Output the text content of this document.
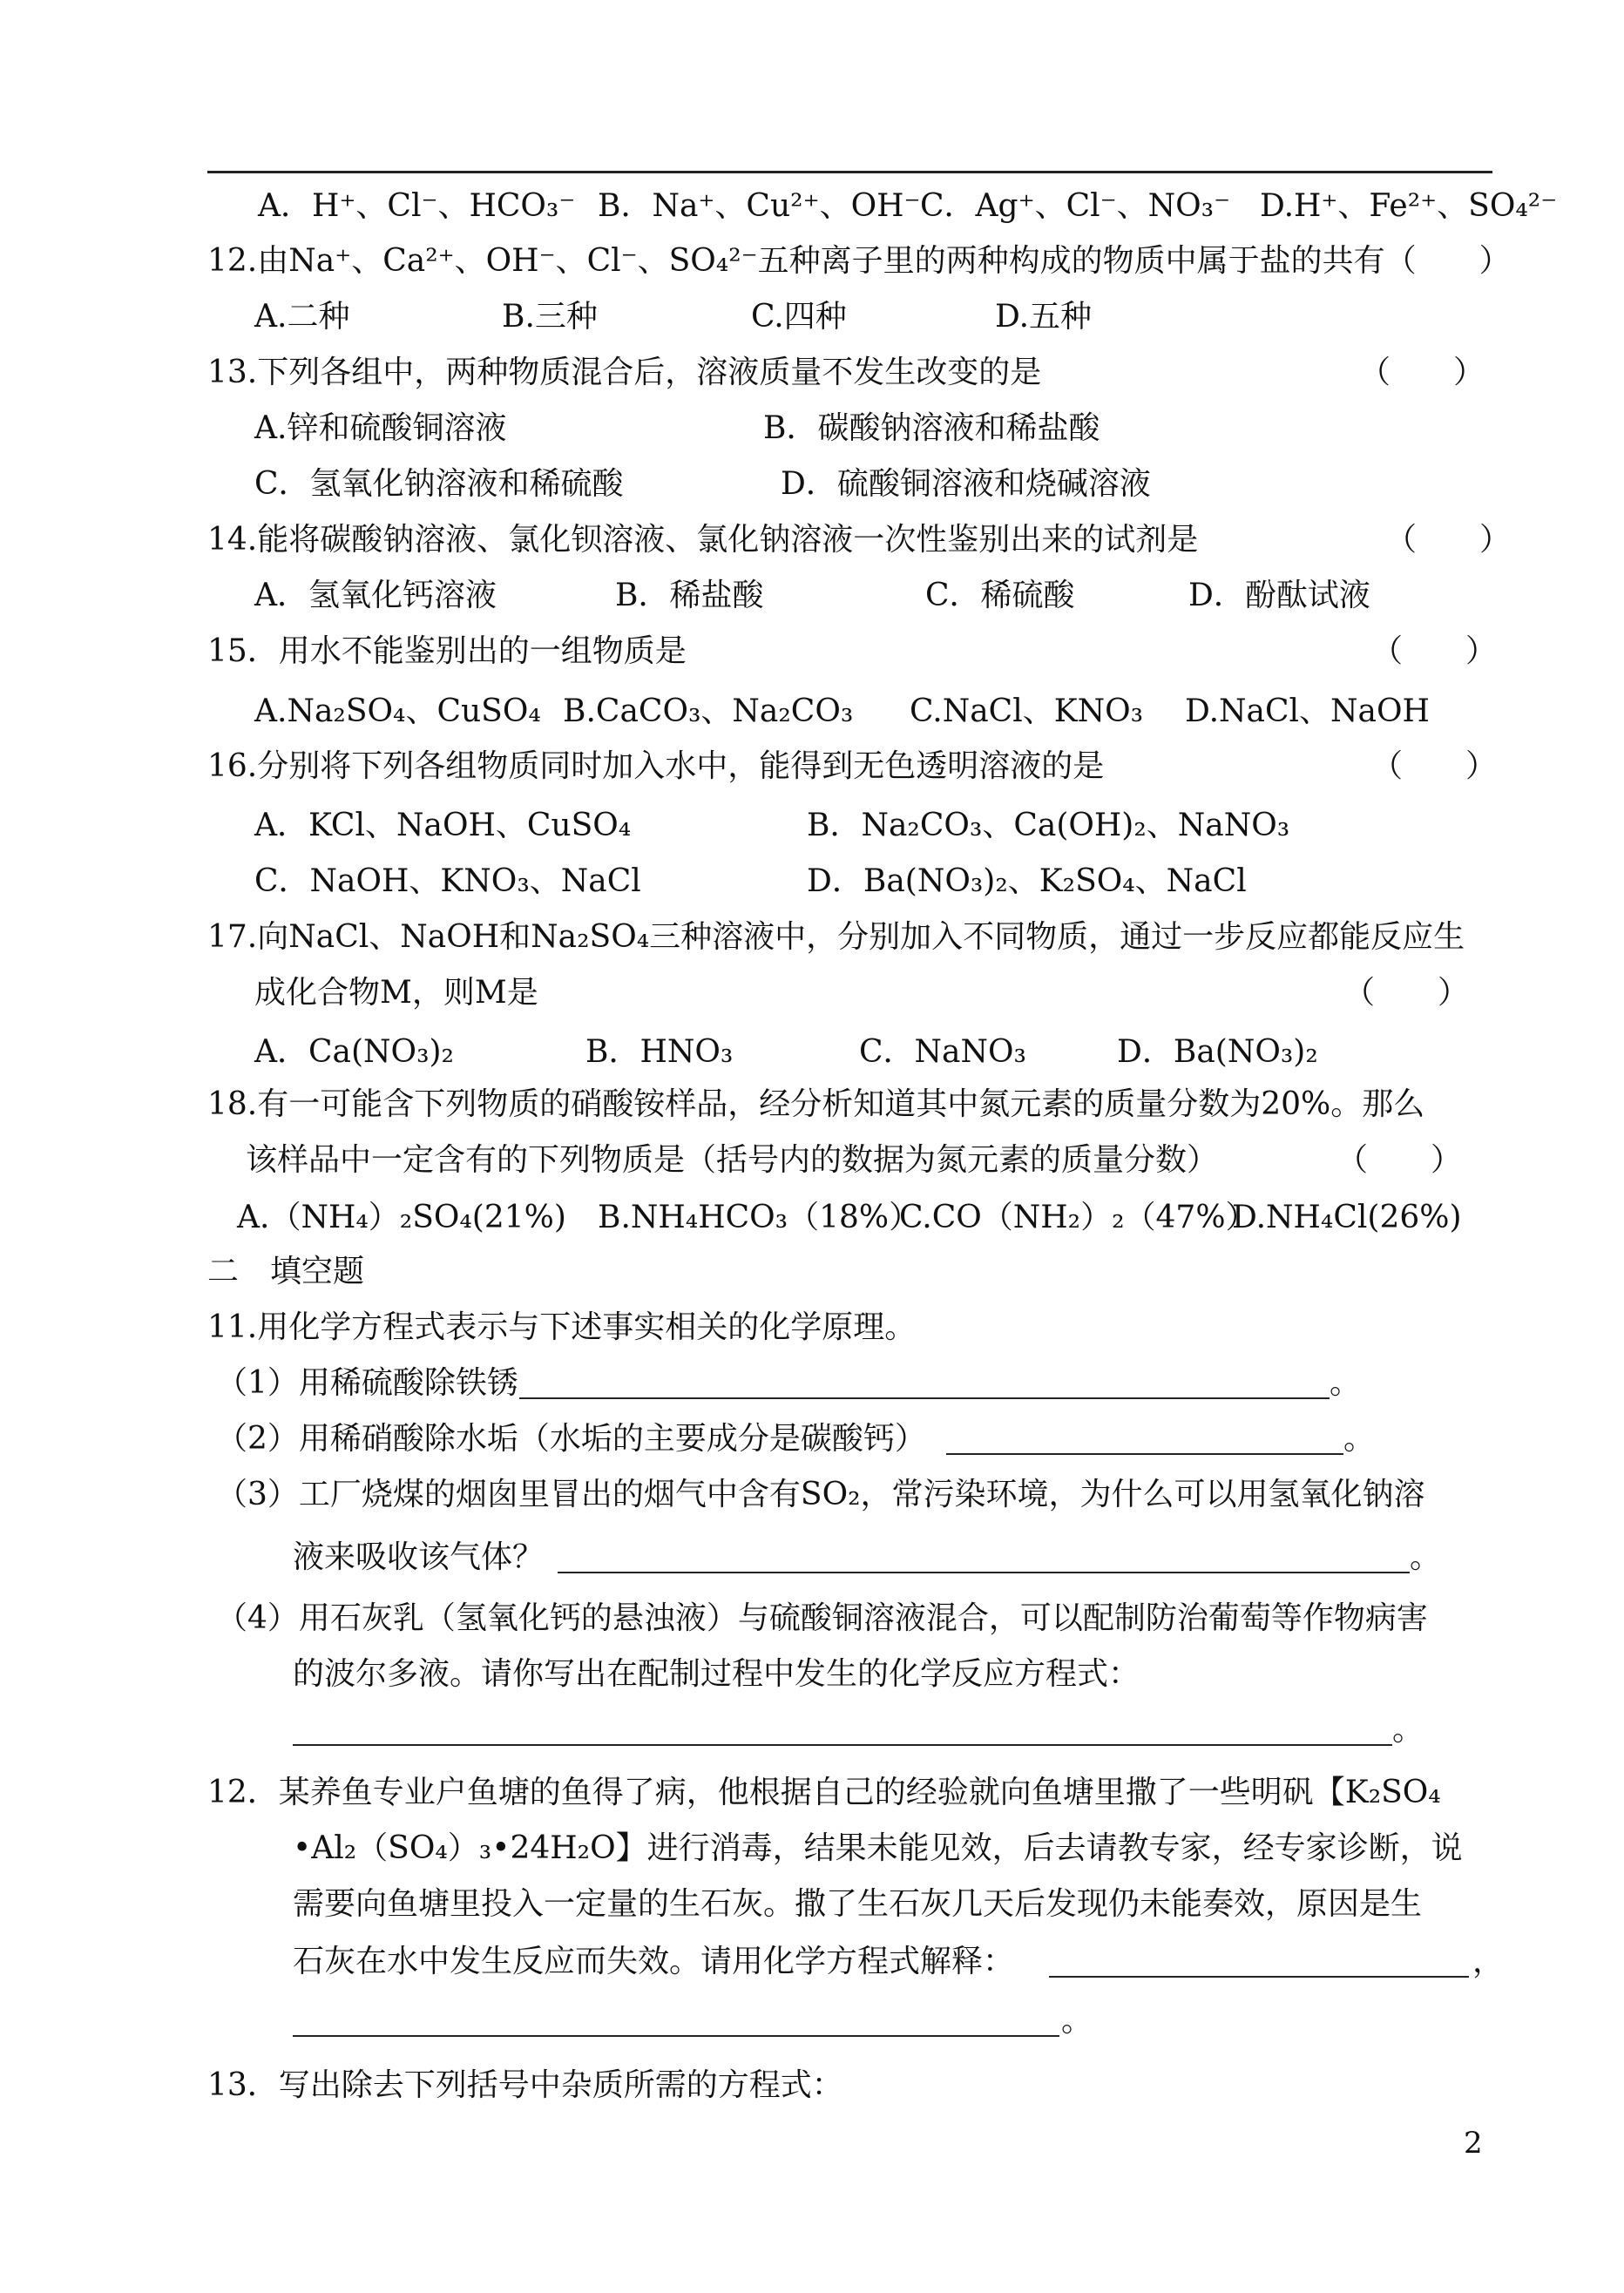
A．H⁺、Cl⁻、HCO₃⁻ B．Na⁺、Cu²⁺、OH⁻ C．Ag⁺、Cl⁻、NO₃⁻ D.H⁺、Fe²⁺、SO₄²⁻
12.由Na⁺、Ca²⁺、OH⁻、Cl⁻、SO₄²⁻五种离子里的两种构成的物质中属于盐的共有（　　）
A.二种	B.三种	C.四种	D.五种
13.下列各组中，两种物质混合后，溶液质量不发生改变的是	（　　）
A.锌和硫酸铜溶液	B．碳酸钠溶液和稀盐酸
C．氢氧化钠溶液和稀硫酸	D．硫酸铜溶液和烧碱溶液
14.能将碳酸钠溶液、氯化钡溶液、氯化钠溶液一次性鉴别出来的试剂是	（　　）
A．氢氧化钙溶液	B．稀盐酸	C．稀硫酸	D．酚酞试液
15．用水不能鉴别出的一组物质是	（　　）
A.Na₂SO₄、CuSO₄ B.CaCO₃、Na₂CO₃ C.NaCl、KNO₃ D.NaCl、NaOH
16.分别将下列各组物质同时加入水中，能得到无色透明溶液的是	（　　）
A．KCl、NaOH、CuSO₄	B．Na₂CO₃、Ca(OH)₂、NaNO₃
C．NaOH、KNO₃、NaCl	D．Ba(NO₃)₂、K₂SO₄、NaCl
17.向NaCl、NaOH和Na₂SO₄三种溶液中，分别加入不同物质，通过一步反应都能反应生
成化合物M，则M是	（　　）
A．Ca(NO₃)₂	B．HNO₃	C．NaNO₃	D．Ba(NO₃)₂
18.有一可能含下列物质的硝酸铵样品，经分析知道其中氮元素的质量分数为20%。那么
该样品中一定含有的下列物质是（括号内的数据为氮元素的质量分数）	（　　）
A.（NH₄）₂SO₄(21%) B.NH₄HCO₃（18%）
C.CO（NH₂）₂（47%）
D.NH₄Cl(26%)
二　填空题
11.用化学方程式表示与下述事实相关的化学原理。
（1）用稀硫酸除铁锈	。
（2）用稀硝酸除水垢（水垢的主要成分是碳酸钙）	。
（3）工厂烧煤的烟囱里冒出的烟气中含有SO₂，常污染环境，为什么可以用氢氧化钠溶
液来吸收该气体？	。
（4）用石灰乳（氢氧化钙的悬浊液）与硫酸铜溶液混合，可以配制防治葡萄等作物病害
的波尔多液。请你写出在配制过程中发生的化学反应方程式：
。
12．某养鱼专业户鱼塘的鱼得了病，他根据自己的经验就向鱼塘里撒了一些明矾【K₂SO₄
•Al₂（SO₄）₃•24H₂O】进行消毒，结果未能见效，后去请教专家，经专家诊断，说
需要向鱼塘里投入一定量的生石灰。撒了生石灰几天后发现仍未能奏效，原因是生
石灰在水中发生反应而失效。请用化学方程式解释：	，
。
13．写出除去下列括号中杂质所需的方程式：
2
